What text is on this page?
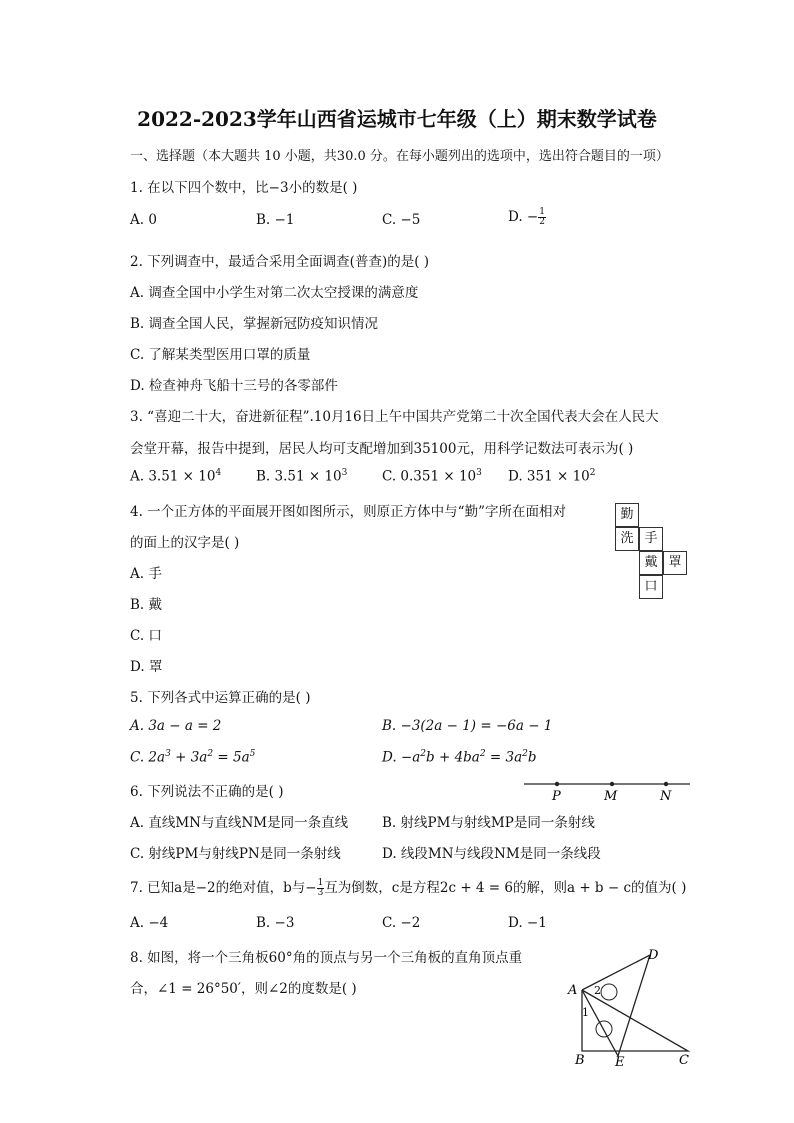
2022-2023学年山西省运城市七年级（上）期末数学试卷
一、选择题（本大题共 10 小题，共30.0 分。在每小题列出的选项中，选出符合题目的一项）
1. 在以下四个数中，比−3小的数是( )
A. 0	B. −1	C. −5	D. − $\frac{1}{2}$
2. 下列调查中，最适合采用全面调查(普查)的是( )
A. 调查全国中小学生对第二次太空授课的满意度
B. 调查全国人民，掌握新冠防疫知识情况
C. 了解某类型医用口罩的质量
D. 检查神舟飞船十三号的各零部件
3. “喜迎二十大，奋进新征程”.10月16日上午中国共产党第二十次全国代表大会在人民大
会堂开幕，报告中提到，居民人均可支配增加到35100元，用科学记数法可表示为( )
A. $3.51 \times 10^4$	B. $3.51 \times 10^3$	C. $0.351 \times 10^3$ D. $351 \times 10^2$
4. 一个正方体的平面展开图如图所示，则原正方体中与“勤”字所在面相对
的面上的汉字是( )
A. 手
B. 戴
C. 口
D. 罩
勤
洗 手
戴 罩
口
5. 下列各式中运算正确的是( )
A. 3a − a = 2	B. −3(2a − 1) = −6a − 1
C. $2a^3 + 3a^2 = 5a^5$	D. $-a^2b + 4ba^2 = 3a^2b$
6. 下列说法不正确的是( )	P	M	N
A. 直线MN与直线NM是同一条直线	B. 射线PM与射线MP是同一条射线
C. 射线PM与射线PN是同一条射线	D. 线段MN与线段NM是同一条线段
7. 已知a是−2的绝对值，b与− $\frac{1}{3}$ 互为倒数，c是方程2c + 4 = 6的解，则a + b − c的值为( )
A. −4	B. −3	C. −2	D. −1
8. 如图，将一个三角板60°角的顶点与另一个三角板的直角顶点重
合，∠1 = 26°50′，则∠2的度数是( )	A
B	C
D
E
1
2
